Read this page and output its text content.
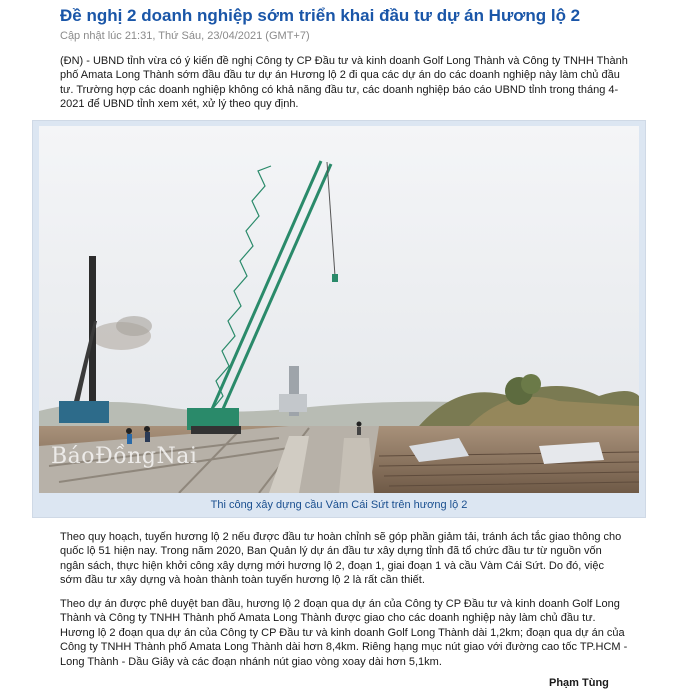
Đề nghị 2 doanh nghiệp sớm triển khai đầu tư dự án Hương lộ 2
Cập nhật lúc 21:31, Thứ Sáu, 23/04/2021 (GMT+7)
(ĐN) - UBND tỉnh vừa có ý kiến đề nghị Công ty CP Đầu tư và kinh doanh Golf Long Thành và Công ty TNHH Thành
phố Amata Long Thành sớm đầu đầu tư dự án Hương lộ 2 đi qua các dự án do các doanh nghiệp này làm chủ đầu
tư. Trường hợp các doanh nghiệp không có khả năng đầu tư, các doanh nghiệp báo cáo UBND tỉnh trong tháng 4-
2021 để UBND tỉnh xem xét, xử lý theo quy định.
Theo quy hoạch, tuyến hương lộ 2 nếu được đầu tư hoàn chỉnh sẽ góp phần giảm tải, tránh ách tắc giao thông cho
quốc lộ 51 hiện nay. Trong năm 2020, Ban Quản lý dự án đầu tư xây dựng tỉnh đã tổ chức đầu tư từ nguồn vốn
ngân sách, thực hiện khởi công xây dựng mới hương lộ 2, đoạn 1, giai đoạn 1 và cầu Vàm Cái Sứt. Do đó, việc
sớm đầu tư xây dựng và hoàn thành toàn tuyến hương lộ 2 là rất cần thiết.
Theo dự án được phê duyệt ban đầu, hương lộ 2 đoạn qua dự án của Công ty CP Đầu tư và kinh doanh Golf Long
Thành và Công ty TNHH Thành phố Amata Long Thành được giao cho các doanh nghiệp này làm chủ đầu tư.
Hương lộ 2 đoạn qua dự án của Công ty CP Đầu tư và kinh doanh Golf Long Thành dài 1,2km; đoạn qua dự án của
Công ty TNHH Thành phố Amata Long Thành dài hơn 8,4km. Riêng hạng mục nút giao với đường cao tốc TP.HCM -
Long Thành - Dầu Giây và các đoạn nhánh nút giao vòng xoay dài hơn 5,1km.
BáoĐồngNai
Thi công xây dựng cầu Vàm Cái Sứt trên hương lộ 2
Phạm Tùng
